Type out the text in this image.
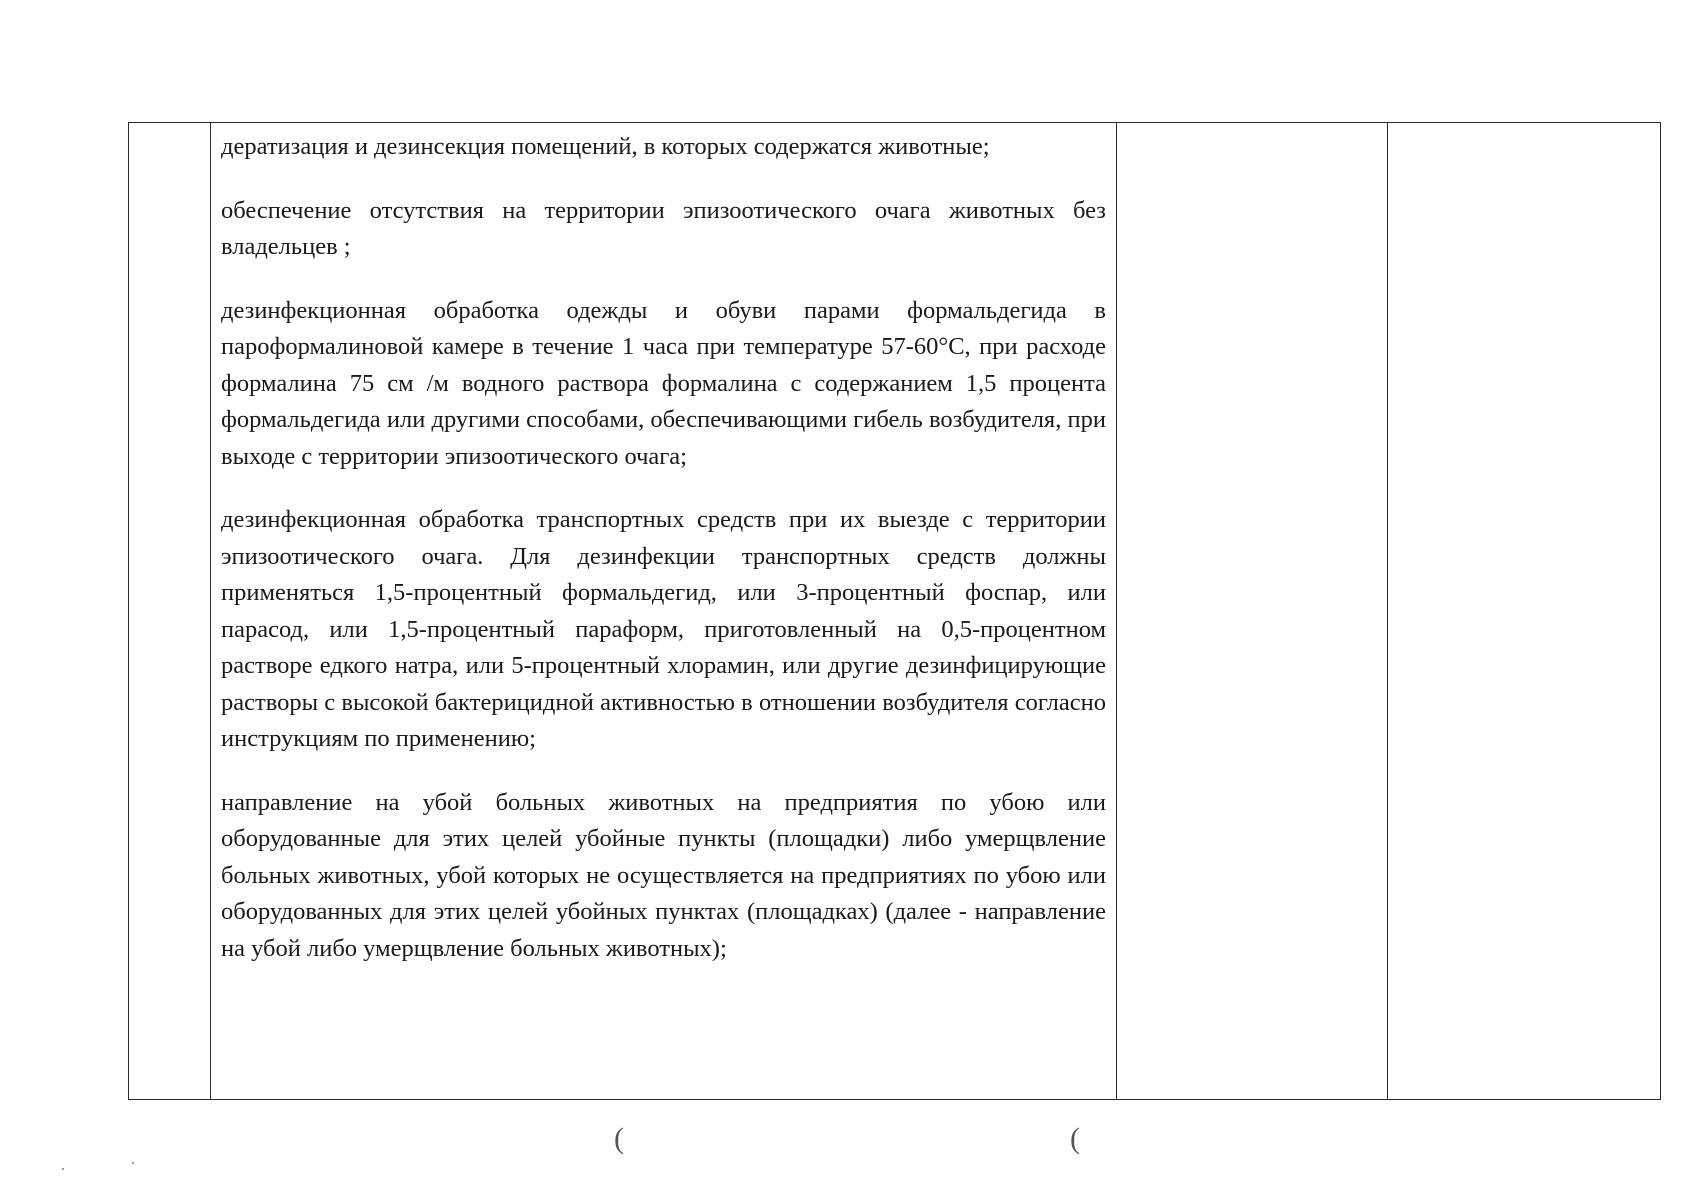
дератизация и дезинсекция помещений, в которых содержатся животные;

обеспечение отсутствия на территории эпизоотического очага животных без владельцев ;

дезинфекционная обработка одежды и обуви парами формальдегида в пароформалиновой камере в течение 1 часа при температуре 57-60°С, при расходе формалина 75 см /м водного раствора формалина с содержанием 1,5 процента формальдегида или другими способами, обеспечивающими гибель возбудителя, при выходе с территории эпизоотического очага;

дезинфекционная обработка транспортных средств при их выезде с территории эпизоотического очага. Для дезинфекции транспортных средств должны применяться 1,5-процентный формальдегид, или 3-процентный фоспар, или парасод, или 1,5-процентный параформ, приготовленный на 0,5-процентном растворе едкого натра, или 5-процентный хлорамин, или другие дезинфицирующие растворы с высокой бактерицидной активностью в отношении возбудителя согласно инструкциям по применению;

направление на убой больных животных на предприятия по убою или оборудованные для этих целей убойные пункты (площадки) либо умерщвление больных животных, убой которых не осуществляется на предприятиях по убою или оборудованных для этих целей убойных пунктах (площадках) (далее - направление на убой либо умерщвление больных животных);

(	(
